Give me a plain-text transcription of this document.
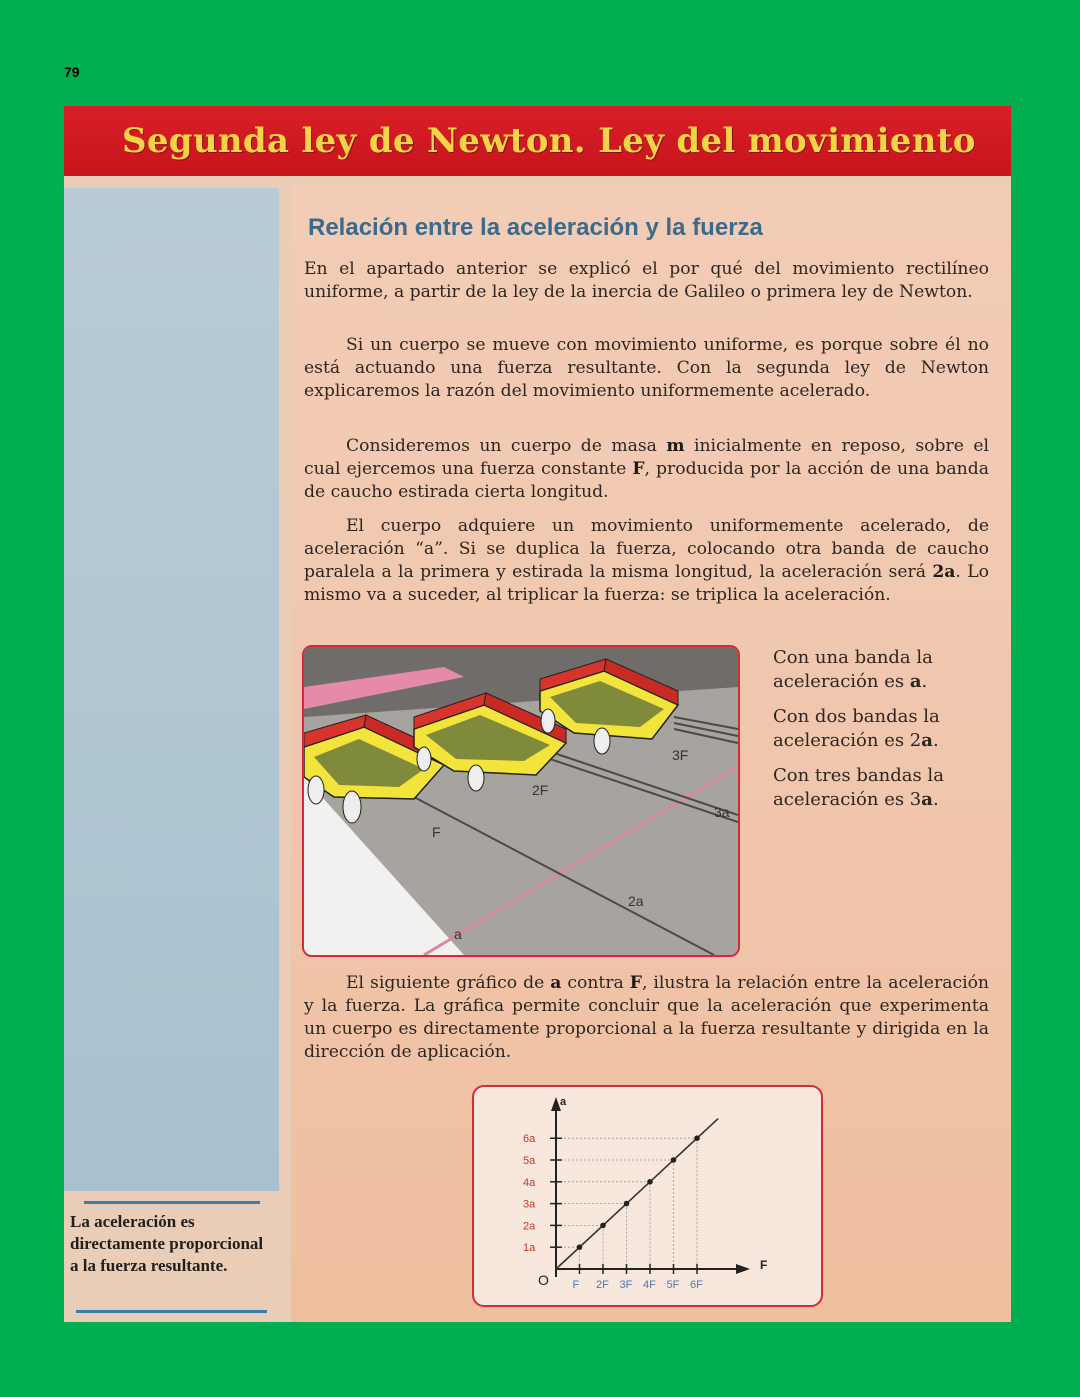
79
Segunda ley de Newton. Ley del movimiento
Relación entre la aceleración y la fuerza

En el apartado anterior se explicó el por qué del movimiento rectilíneo uniforme, a partir de la ley de la inercia de Galileo o primera ley de Newton.

Si un cuerpo se mueve con movimiento uniforme, es porque sobre él no está actuando una fuerza resultante. Con la segunda ley de Newton explicaremos la razón del movimiento uniformemente acelerado.

Consideremos un cuerpo de masa m inicialmente en reposo, sobre el cual ejercemos una fuerza constante F, producida por la acción de una banda de caucho estirada cierta longitud.

El cuerpo adquiere un movimiento uniformemente acelerado, de aceleración “a”. Si se duplica la fuerza, colocando otra banda de caucho paralela a la primera y estirada la misma longitud, la aceleración será 2a. Lo mismo va a suceder, al triplicar la fuerza: se triplica la aceleración.

F
2F
3F
a
2a
3a

Con una banda la aceleración es a.

Con dos bandas la aceleración es 2a.

Con tres bandas la aceleración es 3a.

El siguiente gráfico de a contra F, ilustra la relación entre la aceleración y la fuerza. La gráfica permite concluir que la aceleración que experimenta un cuerpo es directamente proporcional a la fuerza resultante y dirigida en la dirección de aplicación.

a
F
O F 2F 3F 4F 5F 6F
1a
2a
3a
4a
5a
6a

La aceleración es directamente proporcional a la fuerza resultante.
